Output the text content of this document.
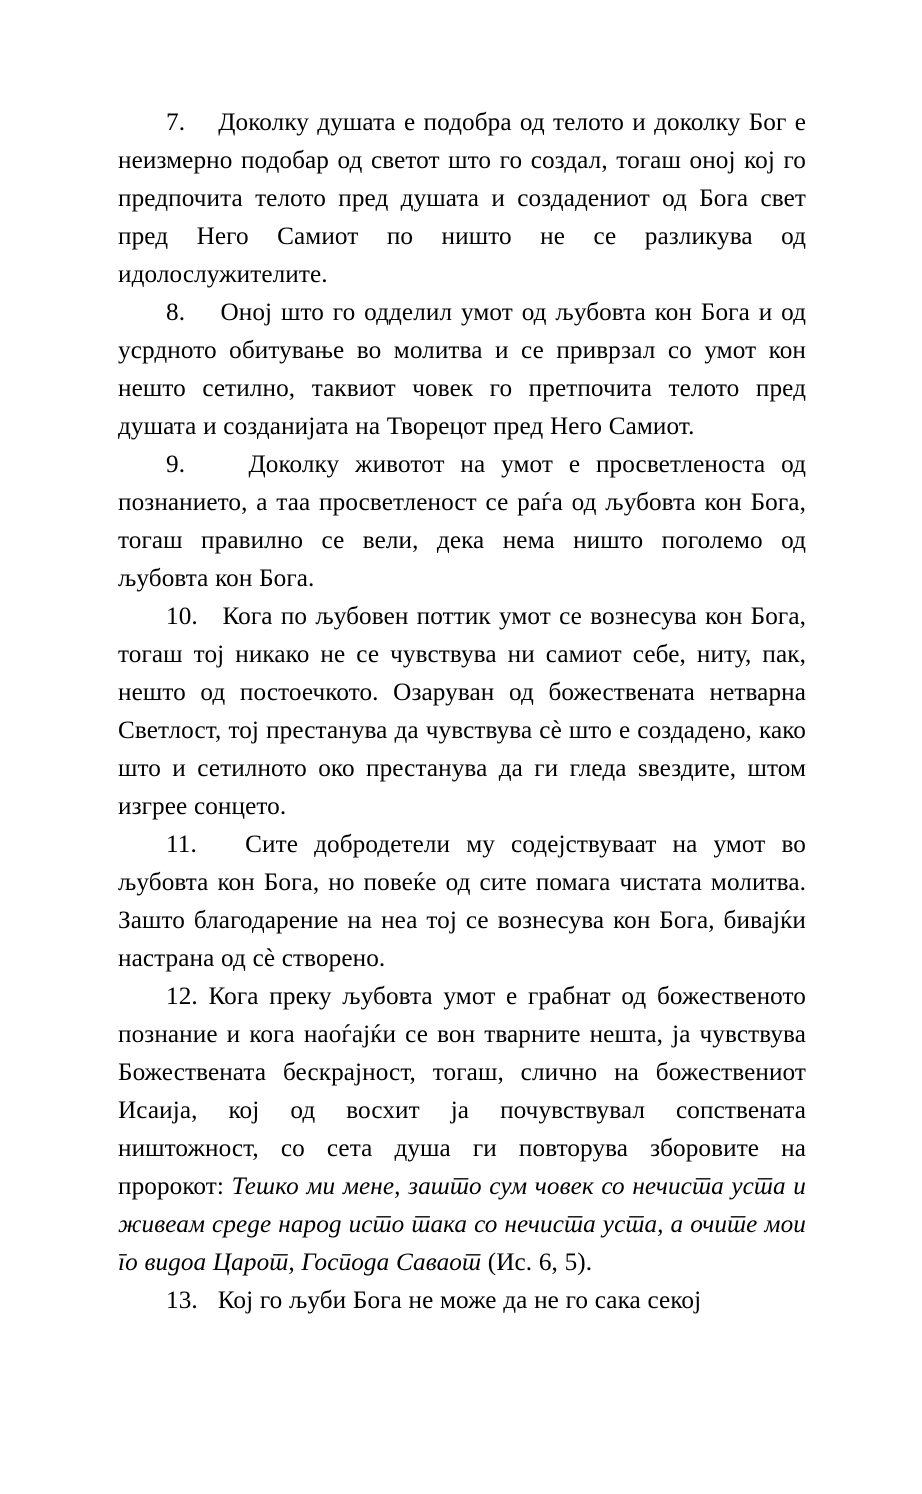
7. Доколку душата е подобра од телото и доколку Бог е неизмерно подобар од светот што го создал, тогаш оној кој го предпочита телото пред душата и создадениот од Бога свет пред Него Самиот по ништо не се разликува од идолослужителите.

8. Оној што го одделил умот од љубовта кон Бога и од усрдното обитување во молитва и се приврзал со умот кон нешто сетилно, таквиот човек го претпочита телото пред душата и созданијата на Творецот пред Него Самиот.

9.	Доколку животот на умот е просветленоста од познанието, а таа просветленост се раѓа од љубовта кон Бога, тогаш правилно се вели, дека нема ништо поголемо од љубовта кон Бога.

10. Кога по љубовен поттик умот се вознесува кон Бога, тогаш тој никако не се чувствува ни самиот себе, ниту, пак, нешто од постоечкото. Озаруван од божествената нетварна Светлост, тој престанува да чувствува сѐ што е создадено, како што и сетилното око престанува да ги гледа ѕвездите, штом изгрее сонцето.

11. Сите добродетели му содејствуваат на умот во љубовта кон Бога, но повеќе од сите помага чистата молитва. Зашто благодарение на неа тој се вознесува кон Бога, бивајќи настрана од сѐ створено.

12. Кога преку љубовта умот е грабнат од божественото познание и кога наоѓајќи се вон тварните нешта, ја чувствува Божествената бескрајност, тогаш, слично на божествениот Исаија, кој од восхит ја почувствувал сопствената ништожност, со сета душа ги повторува зборовите на пророкот: Тешко ми мене, зашто сум човек со нечиста уста и живеам среде народ исто така со нечиста уста, а очите мои го видоа Царот, Господа Саваот (Ис. 6, 5).

13. Кој го љуби Бога не може да не го сака секој
